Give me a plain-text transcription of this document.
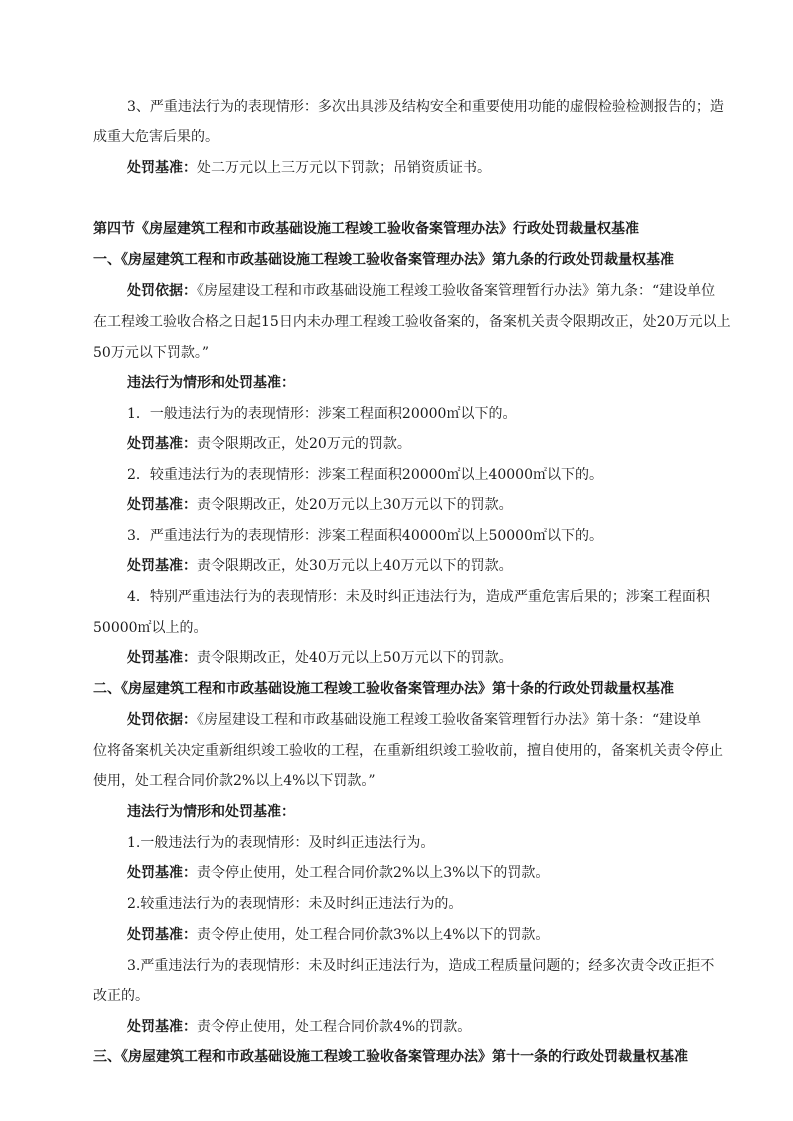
3、严重违法行为的表现情形：多次出具涉及结构安全和重要使用功能的虚假检验检测报告的；造
成重大危害后果的。
处罚基准：处二万元以上三万元以下罚款；吊销资质证书。
第四节《房屋建筑工程和市政基础设施工程竣工验收备案管理办法》行政处罚裁量权基准
一、《房屋建筑工程和市政基础设施工程竣工验收备案管理办法》第九条的行政处罚裁量权基准
处罚依据：《房屋建设工程和市政基础设施工程竣工验收备案管理暂行办法》第九条：“建设单位
在工程竣工验收合格之日起15日内未办理工程竣工验收备案的，备案机关责令限期改正，处20万元以上
50万元以下罚款。”
违法行为情形和处罚基准：
1．一般违法行为的表现情形：涉案工程面积20000㎡以下的。
处罚基准：责令限期改正，处20万元的罚款。
2．较重违法行为的表现情形：涉案工程面积20000㎡以上40000㎡以下的。
处罚基准：责令限期改正，处20万元以上30万元以下的罚款。
3．严重违法行为的表现情形：涉案工程面积40000㎡以上50000㎡以下的。
处罚基准：责令限期改正，处30万元以上40万元以下的罚款。
4．特别严重违法行为的表现情形：未及时纠正违法行为，造成严重危害后果的；涉案工程面积
50000㎡以上的。
处罚基准：责令限期改正，处40万元以上50万元以下的罚款。
二、《房屋建筑工程和市政基础设施工程竣工验收备案管理办法》第十条的行政处罚裁量权基准
处罚依据：《房屋建设工程和市政基础设施工程竣工验收备案管理暂行办法》第十条：“建设单
位将备案机关决定重新组织竣工验收的工程，在重新组织竣工验收前，擅自使用的，备案机关责令停止
使用，处工程合同价款2%以上4%以下罚款。”
违法行为情形和处罚基准：
1.一般违法行为的表现情形：及时纠正违法行为。
处罚基准：责令停止使用，处工程合同价款2%以上3%以下的罚款。
2.较重违法行为的表现情形：未及时纠正违法行为的。
处罚基准：责令停止使用，处工程合同价款3%以上4%以下的罚款。
3.严重违法行为的表现情形：未及时纠正违法行为，造成工程质量问题的；经多次责令改正拒不
改正的。
处罚基准：责令停止使用，处工程合同价款4%的罚款。
三、《房屋建筑工程和市政基础设施工程竣工验收备案管理办法》第十一条的行政处罚裁量权基准
